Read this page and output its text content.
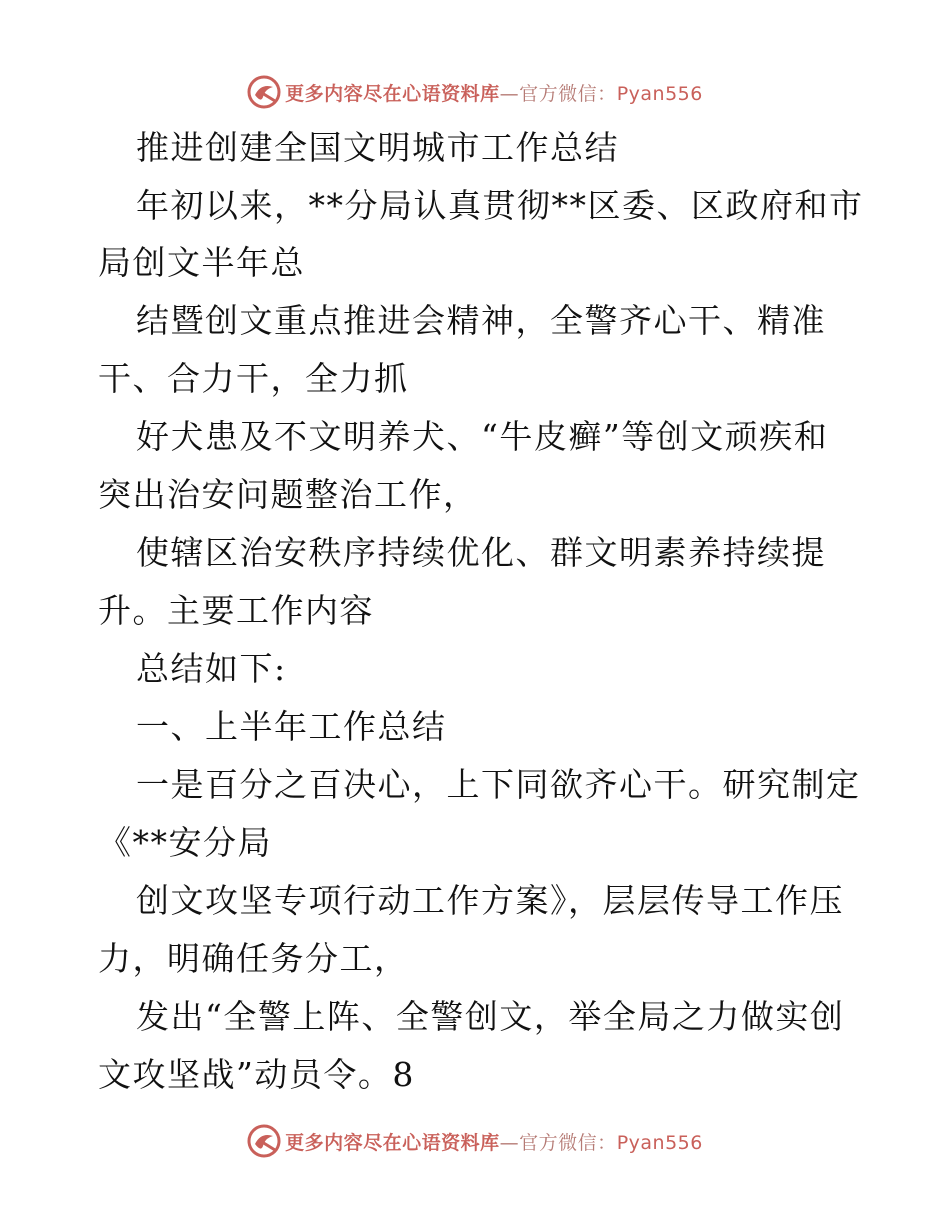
更多内容尽在心语资料库—官方微信：Pyan556
推进创建全国文明城市工作总结
年初以来，**分局认真贯彻**区委、区政府和市
局创文半年总
结暨创文重点推进会精神，全警齐心干、精准
干、合力干，全力抓
好犬患及不文明养犬、“牛皮癣”等创文顽疾和
突出治安问题整治工作，
使辖区治安秩序持续优化、群文明素养持续提
升。主要工作内容
总结如下:
一、上半年工作总结
一是百分之百决心，上下同欲齐心干。研究制定
《**安分局
创文攻坚专项行动工作方案》，层层传导工作压
力，明确任务分工，
发出“全警上阵、全警创文，举全局之力做实创
文攻坚战”动员令。8
更多内容尽在心语资料库—官方微信：Pyan556
